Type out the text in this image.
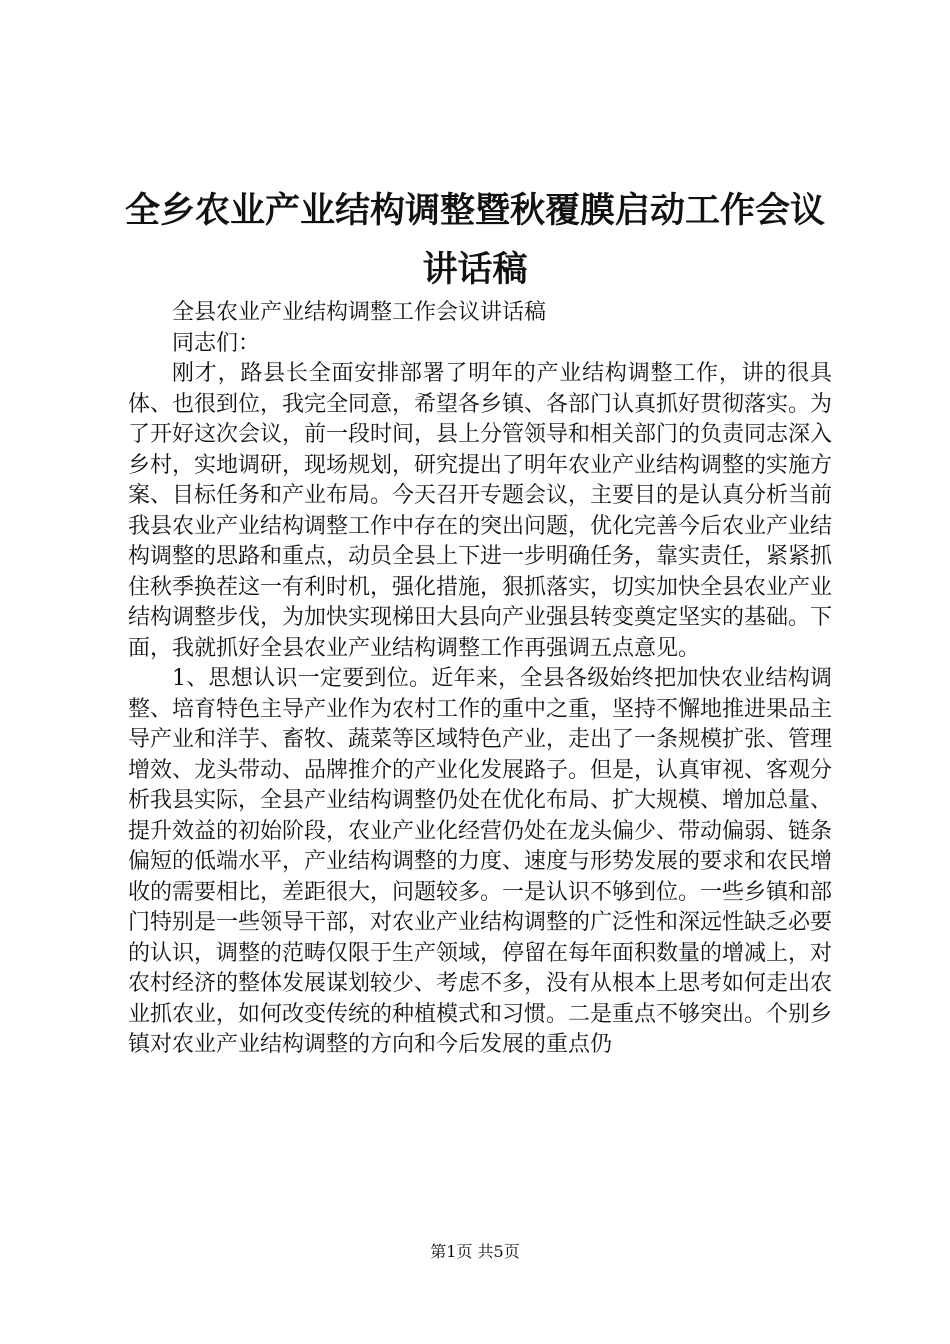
全乡农业产业结构调整暨秋覆膜启动工作会议
讲话稿

全县农业产业结构调整工作会议讲话稿

同志们：

刚才，路县长全面安排部署了明年的产业结构调整工作，讲的很具体、也很到位，我完全同意，希望各乡镇、各部门认真抓好贯彻落实。为了开好这次会议，前一段时间，县上分管领导和相关部门的负责同志深入乡村，实地调研，现场规划，研究提出了明年农业产业结构调整的实施方案、目标任务和产业布局。今天召开专题会议，主要目的是认真分析当前我县农业产业结构调整工作中存在的突出问题，优化完善今后农业产业结构调整的思路和重点，动员全县上下进一步明确任务，靠实责任，紧紧抓住秋季换茬这一有利时机，强化措施，狠抓落实，切实加快全县农业产业结构调整步伐，为加快实现梯田大县向产业强县转变奠定坚实的基础。下面，我就抓好全县农业产业结构调整工作再强调五点意见。

1、思想认识一定要到位。近年来，全县各级始终把加快农业结构调整、培育特色主导产业作为农村工作的重中之重，坚持不懈地推进果品主导产业和洋芋、畜牧、蔬菜等区域特色产业，走出了一条规模扩张、管理增效、龙头带动、品牌推介的产业化发展路子。但是，认真审视、客观分析我县实际，全县产业结构调整仍处在优化布局、扩大规模、增加总量、提升效益的初始阶段，农业产业化经营仍处在龙头偏少、带动偏弱、链条偏短的低端水平，产业结构调整的力度、速度与形势发展的要求和农民增收的需要相比，差距很大，问题较多。一是认识不够到位。一些乡镇和部门特别是一些领导干部，对农业产业结构调整的广泛性和深远性缺乏必要的认识，调整的范畴仅限于生产领域，停留在每年面积数量的增减上，对农村经济的整体发展谋划较少、考虑不多，没有从根本上思考如何走出农业抓农业，如何改变传统的种植模式和习惯。二是重点不够突出。个别乡镇对农业产业结构调整的方向和今后发展的重点仍

第1页 共5页
